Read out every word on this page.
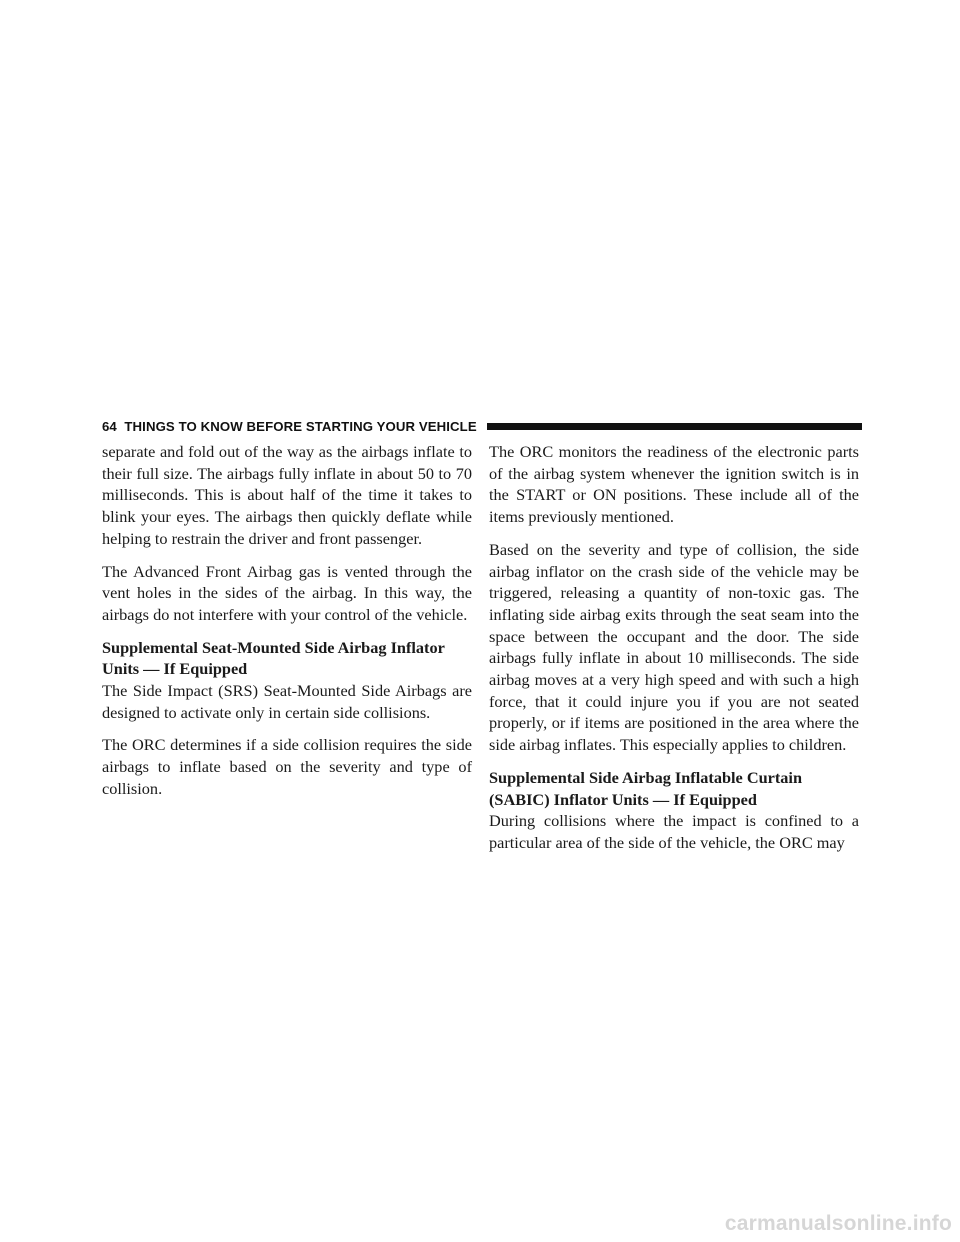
64 THINGS TO KNOW BEFORE STARTING YOUR VEHICLE

separate and fold out of the way as the airbags inflate to their full size. The airbags fully inflate in about 50 to 70 milliseconds. This is about half of the time it takes to blink your eyes. The airbags then quickly deflate while helping to restrain the driver and front passenger.

The Advanced Front Airbag gas is vented through the vent holes in the sides of the airbag. In this way, the airbags do not interfere with your control of the vehicle.

Supplemental Seat-Mounted Side Airbag Inflator
Units — If Equipped

The Side Impact (SRS) Seat-Mounted Side Airbags are designed to activate only in certain side collisions.

The ORC determines if a side collision requires the side airbags to inflate based on the severity and type of collision.

The ORC monitors the readiness of the electronic parts of the airbag system whenever the ignition switch is in the START or ON positions. These include all of the items previously mentioned.

Based on the severity and type of collision, the side airbag inflator on the crash side of the vehicle may be triggered, releasing a quantity of non-toxic gas. The inflating side airbag exits through the seat seam into the space between the occupant and the door. The side airbags fully inflate in about 10 milliseconds. The side airbag moves at a very high speed and with such a high force, that it could injure you if you are not seated properly, or if items are positioned in the area where the side airbag inflates. This especially applies to children.

Supplemental Side Airbag Inflatable Curtain
(SABIC) Inflator Units — If Equipped

During collisions where the impact is confined to a particular area of the side of the vehicle, the ORC may

carmanualsonline.info
